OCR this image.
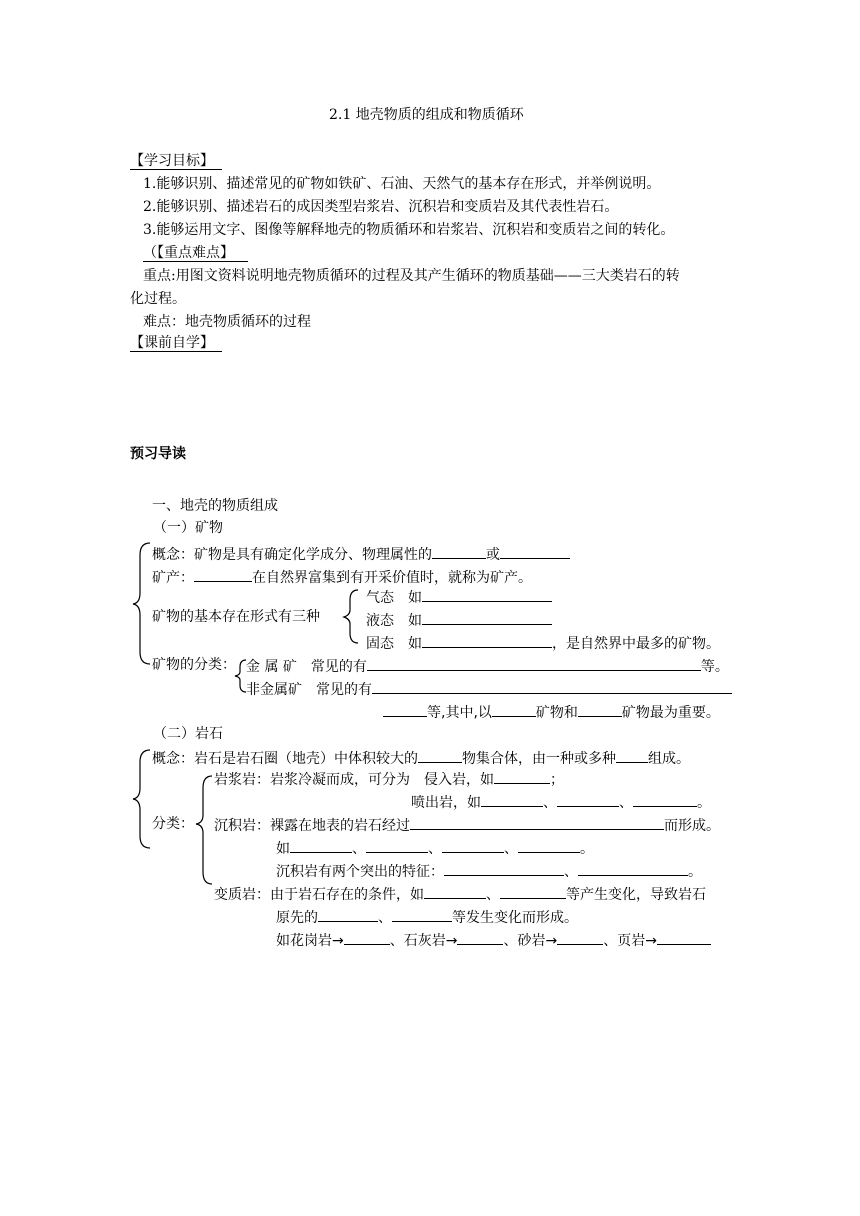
2.1 地壳物质的组成和物质循环
【学习目标】
1.能够识别、描述常见的矿物如铁矿、石油、天然气的基本存在形式，并举例说明。
2.能够识别、描述岩石的成因类型岩浆岩、沉积岩和变质岩及其代表性岩石。
3.能够运用文字、图像等解释地壳的物质循环和岩浆岩、沉积岩和变质岩之间的转化。
（【重点难点】
重点:用图文资料说明地壳物质循环的过程及其产生循环的物质基础——三大类岩石的转
化过程。
难点：地壳物质循环的过程
【课前自学】
预习导读
一、地壳的物质组成
（一）矿物
概念：矿物是具有确定化学成分、物理属性的	或
矿产：	在自然界富集到有开采价值时，就称为矿产。
矿物的基本存在形式有三种
气态　如
液态　如
固态　如	，是自然界中最多的矿物。
矿物的分类： 金 属 矿　常见的有	等。
非金属矿　常见的有
等,其中,以	矿物和	矿物最为重要。
（二）岩石
概念：岩石是岩石圈（地壳）中体积较大的	物集合体，由一种或多种 组成。
分类：
岩浆岩：岩浆冷凝而成，可分为　侵入岩，如	；
喷出岩，如	、	、	。
沉积岩：裸露在地表的岩石经过	而形成。
如	、	、	、	。
沉积岩有两个突出的特征：	、	。
变质岩：由于岩石存在的条件，如	、	等产生变化，导致岩石
原先的	、	等发生变化而形成。
如花岗岩→	、石灰岩→	、砂岩→	、页岩→
